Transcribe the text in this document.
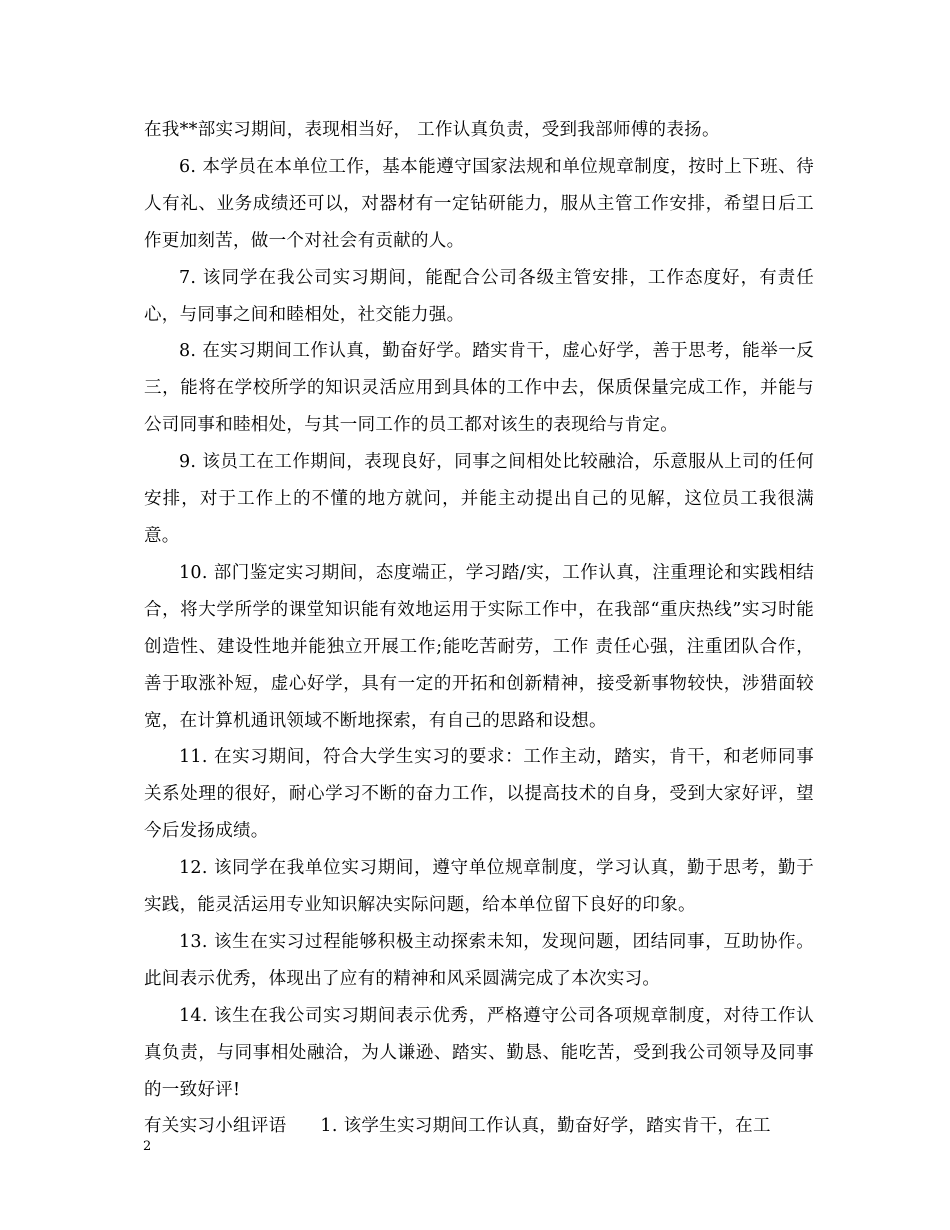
在我**部实习期间，表现相当好， 工作认真负责，受到我部师傅的表扬。

6. 本学员在本单位工作，基本能遵守国家法规和单位规章制度，按时上下班、待人有礼、业务成绩还可以，对器材有一定钻研能力，服从主管工作安排，希望日后工作更加刻苦，做一个对社会有贡献的人。

7. 该同学在我公司实习期间，能配合公司各级主管安排，工作态度好，有责任心，与同事之间和睦相处，社交能力强。

8. 在实习期间工作认真，勤奋好学。踏实肯干，虚心好学，善于思考，能举一反三，能将在学校所学的知识灵活应用到具体的工作中去，保质保量完成工作，并能与公司同事和睦相处，与其一同工作的员工都对该生的表现给与肯定。

9. 该员工在工作期间，表现良好，同事之间相处比较融洽，乐意服从上司的任何安排，对于工作上的不懂的地方就问，并能主动提出自己的见解，这位员工我很满意。

10. 部门鉴定实习期间，态度端正，学习踏/实，工作认真，注重理论和实践相结合，将大学所学的课堂知识能有效地运用于实际工作中，在我部“重庆热线”实习时能创造性、建设性地并能独立开展工作;能吃苦耐劳，工作 责任心强，注重团队合作，善于取涨补短，虚心好学，具有一定的开拓和创新精神，接受新事物较快，涉猎面较宽，在计算机通讯领域不断地探索，有自己的思路和设想。

11. 在实习期间，符合大学生实习的要求：工作主动，踏实，肯干，和老师同事关系处理的很好，耐心学习不断的奋力工作，以提高技术的自身，受到大家好评，望今后发扬成绩。

12. 该同学在我单位实习期间，遵守单位规章制度，学习认真，勤于思考，勤于实践，能灵活运用专业知识解决实际问题，给本单位留下良好的印象。

13. 该生在实习过程能够积极主动探索未知，发现问题，团结同事，互助协作。此间表示优秀，体现出了应有的精神和风采圆满完成了本次实习。

14. 该生在我公司实习期间表示优秀，严格遵守公司各项规章制度，对待工作认真负责，与同事相处融洽，为人谦逊、踏实、勤恳、能吃苦，受到我公司领导及同事的一致好评!

有关实习小组评语 1. 该学生实习期间工作认真，勤奋好学，踏实肯干，在工

2
